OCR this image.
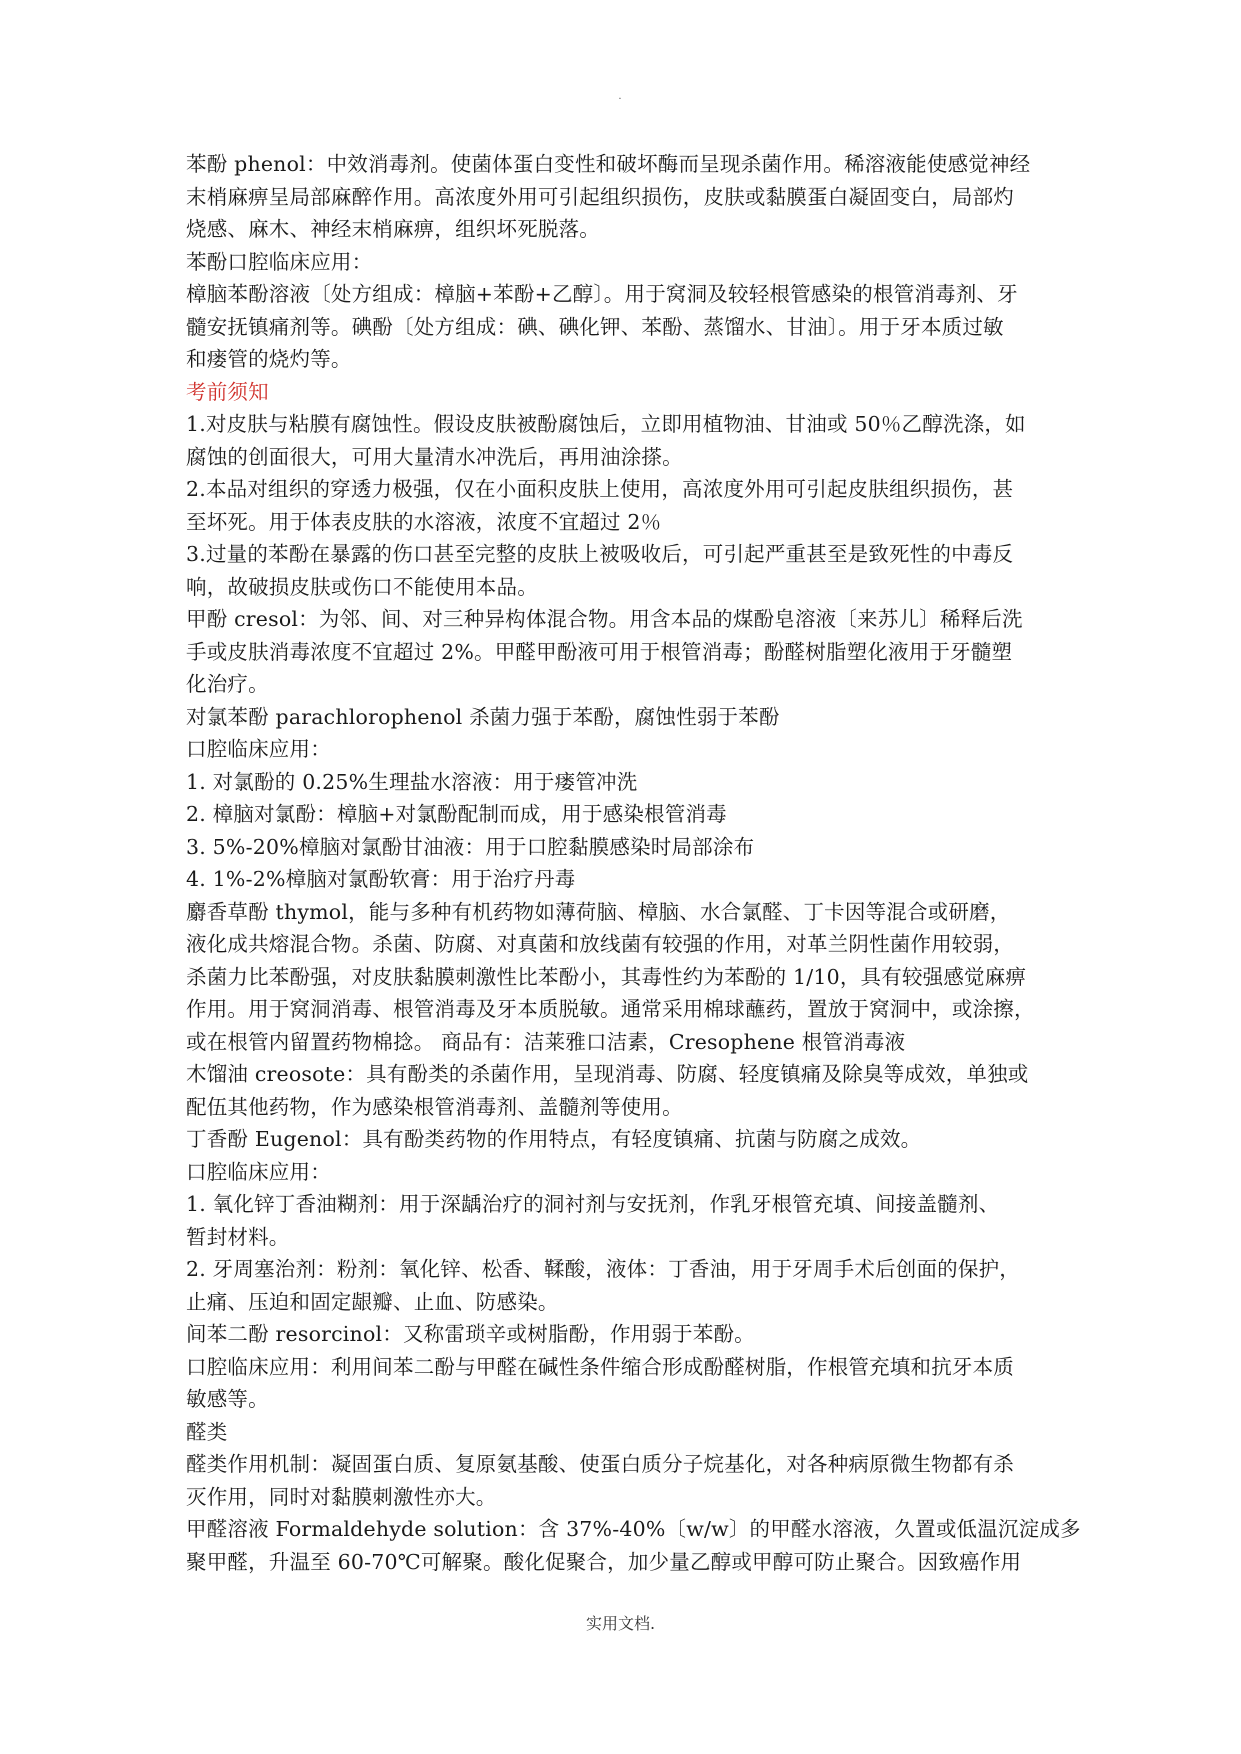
.
苯酚 phenol：中效消毒剂。使菌体蛋白变性和破坏酶而呈现杀菌作用。稀溶液能使感觉神经
末梢麻痹呈局部麻醉作用。高浓度外用可引起组织损伤，皮肤或黏膜蛋白凝固变白，局部灼
烧感、麻木、神经末梢麻痹，组织坏死脱落。
苯酚口腔临床应用：
樟脑苯酚溶液〔处方组成：樟脑+苯酚+乙醇〕。用于窝洞及较轻根管感染的根管消毒剂、牙
髓安抚镇痛剂等。碘酚〔处方组成：碘、碘化钾、苯酚、蒸馏水、甘油〕。用于牙本质过敏
和瘘管的烧灼等。
考前须知
1.对皮肤与粘膜有腐蚀性。假设皮肤被酚腐蚀后，立即用植物油、甘油或 50％乙醇洗涤，如
腐蚀的创面很大，可用大量清水冲洗后，再用油涂搽。
2.本品对组织的穿透力极强，仅在小面积皮肤上使用，高浓度外用可引起皮肤组织损伤，甚
至坏死。用于体表皮肤的水溶液，浓度不宜超过 2％
3.过量的苯酚在暴露的伤口甚至完整的皮肤上被吸收后，可引起严重甚至是致死性的中毒反
响，故破损皮肤或伤口不能使用本品。
甲酚 cresol：为邻、间、对三种异构体混合物。用含本品的煤酚皂溶液〔来苏儿〕稀释后洗
手或皮肤消毒浓度不宜超过 2%。甲醛甲酚液可用于根管消毒；酚醛树脂塑化液用于牙髓塑
化治疗。
对氯苯酚 parachlorophenol 杀菌力强于苯酚，腐蚀性弱于苯酚
口腔临床应用：
1. 对氯酚的 0.25%生理盐水溶液：用于瘘管冲洗
2. 樟脑对氯酚：樟脑+对氯酚配制而成，用于感染根管消毒
3. 5%-20%樟脑对氯酚甘油液：用于口腔黏膜感染时局部涂布
4. 1%-2%樟脑对氯酚软膏：用于治疗丹毒
麝香草酚 thymol，能与多种有机药物如薄荷脑、樟脑、水合氯醛、丁卡因等混合或研磨，
液化成共熔混合物。杀菌、防腐、对真菌和放线菌有较强的作用，对革兰阴性菌作用较弱，
杀菌力比苯酚强，对皮肤黏膜刺激性比苯酚小，其毒性约为苯酚的 1/10，具有较强感觉麻痹
作用。用于窝洞消毒、根管消毒及牙本质脱敏。通常采用棉球蘸药，置放于窝洞中，或涂擦，
或在根管内留置药物棉捻。 商品有：洁莱雅口洁素，Cresophene 根管消毒液
木馏油 creosote：具有酚类的杀菌作用，呈现消毒、防腐、轻度镇痛及除臭等成效，单独或
配伍其他药物，作为感染根管消毒剂、盖髓剂等使用。
丁香酚 Eugenol：具有酚类药物的作用特点，有轻度镇痛、抗菌与防腐之成效。
口腔临床应用：
1. 氧化锌丁香油糊剂：用于深龋治疗的洞衬剂与安抚剂，作乳牙根管充填、间接盖髓剂、
暂封材料。
2. 牙周塞治剂：粉剂：氧化锌、松香、鞣酸，液体：丁香油，用于牙周手术后创面的保护，
止痛、压迫和固定龈瓣、止血、防感染。
间苯二酚 resorcinol：又称雷琐辛或树脂酚，作用弱于苯酚。
口腔临床应用：利用间苯二酚与甲醛在碱性条件缩合形成酚醛树脂，作根管充填和抗牙本质
敏感等。
醛类
醛类作用机制：凝固蛋白质、复原氨基酸、使蛋白质分子烷基化，对各种病原微生物都有杀
灭作用，同时对黏膜刺激性亦大。
甲醛溶液 Formaldehyde solution：含 37%-40%〔w/w〕的甲醛水溶液，久置或低温沉淀成多
聚甲醛，升温至 60-70℃可解聚。酸化促聚合，加少量乙醇或甲醇可防止聚合。因致癌作用
实用文档.
